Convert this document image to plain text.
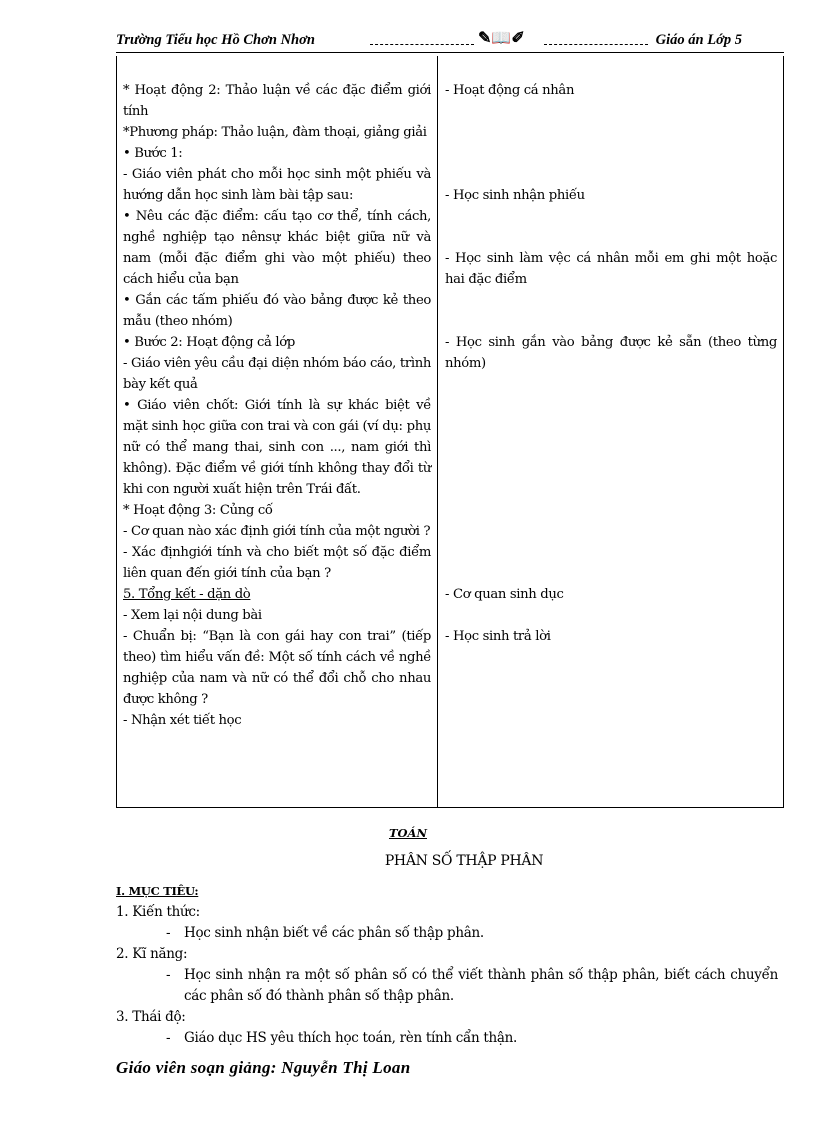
Trường Tiểu học Hồ Chơn Nhơn	✎📖✐	Giáo án Lớp 5

* Hoạt động 2: Thảo luận về các đặc điểm giới tính

*Phương pháp: Thảo luận, đàm thoại, giảng giải

• Bước 1:

- Giáo viên phát cho mỗi học sinh một phiếu và hướng dẫn học sinh làm bài tập sau:

• Nêu các đặc điểm: cấu tạo cơ thể, tính cách, nghề nghiệp tạo nênsự khác biệt giữa nữ và nam (mỗi đặc điểm ghi vào một phiếu) theo cách hiểu của bạn

• Gắn các tấm phiếu đó vào bảng được kẻ theo mẫu (theo nhóm)

• Bước 2: Hoạt động cả lớp

- Giáo viên yêu cầu đại diện nhóm báo cáo, trình bày kết quả

• Giáo viên chốt: Giới tính là sự khác biệt về mặt sinh học giữa con trai và con gái (ví dụ: phụ nữ có thể mang thai, sinh con ..., nam giới thì không). Đặc điểm về giới tính không thay đổi từ khi con người xuất hiện trên Trái đất.

* Hoạt động 3: Củng cố

- Cơ quan nào xác định giới tính của một người ?

- Xác địnhgiới tính và cho biết một số đặc điểm liên quan đến giới tính của bạn ?

5. Tổng kết - dặn dò

- Xem lại nội dung bài

- Chuẩn bị: “Bạn là con gái hay con trai” (tiếp theo) tìm hiểu vấn đề: Một số tính cách về nghề nghiệp của nam và nữ có thể đổi chỗ cho nhau được không ?

- Nhận xét tiết học

- Hoạt động cá nhân
- Học sinh nhận phiếu
- Học sinh làm vệc cá nhân mỗi em ghi một hoặc hai đặc điểm
- Học sinh gắn vào bảng được kẻ sẵn (theo từng nhóm)
- Cơ quan sinh dục
- Học sinh trả lời
TOÁN
PHÂN SỐ THẬP PHÂN
I. MỤC TIÊU:

1. Kiến thức:

- Học sinh nhận biết về các phân số thập phân.

2. Kĩ năng:

- Học sinh nhận ra một số phân số có thể viết thành phân số thập phân, biết cách chuyển các phân số đó thành phân số thập phân.

3. Thái độ:

- Giáo dục HS yêu thích học toán, rèn tính cẩn thận.

Giáo viên soạn giảng: Nguyễn Thị Loan
